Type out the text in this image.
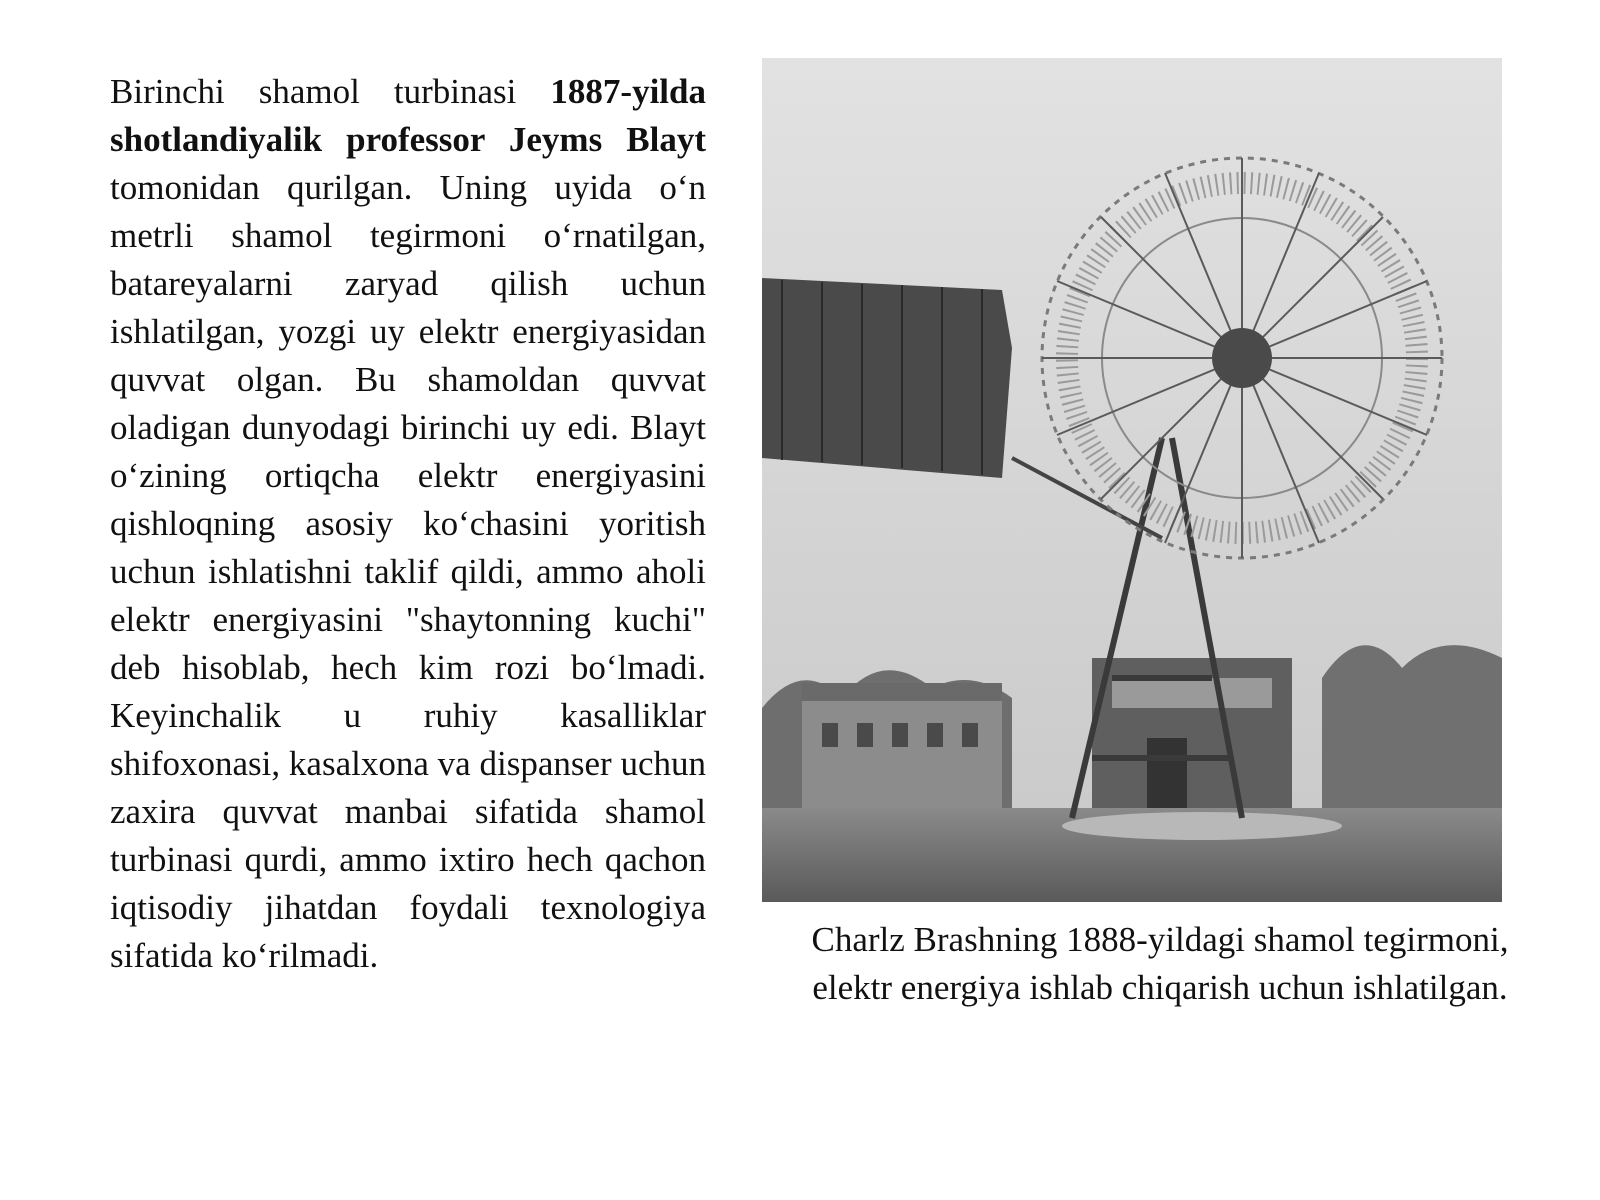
Birinchi shamol turbinasi 1887-yilda shotlandiyalik professor Jeyms Blayt tomonidan qurilgan. Uning uyida o‘n metrli shamol tegirmoni o‘rnatilgan, batareyalarni zaryad qilish uchun ishlatilgan, yozgi uy elektr energiyasidan quvvat olgan. Bu shamoldan quvvat oladigan dunyodagi birinchi uy edi. Blayt o‘zining ortiqcha elektr energiyasini qishloqning asosiy ko‘chasini yoritish uchun ishlatishni taklif qildi, ammo aholi elektr energiyasini "shaytonning kuchi" deb hisoblab, hech kim rozi bo‘lmadi. Keyinchalik u ruhiy kasalliklar shifoxonasi, kasalxona va dispanser uchun zaxira quvvat manbai sifatida shamol turbinasi qurdi, ammo ixtiro hech qachon iqtisodiy jihatdan foydali texnologiya sifatida ko‘rilmadi.	Charlz Brashning 1888-yildagi shamol tegirmoni, elektr energiya ishlab chiqarish uchun ishlatilgan.
